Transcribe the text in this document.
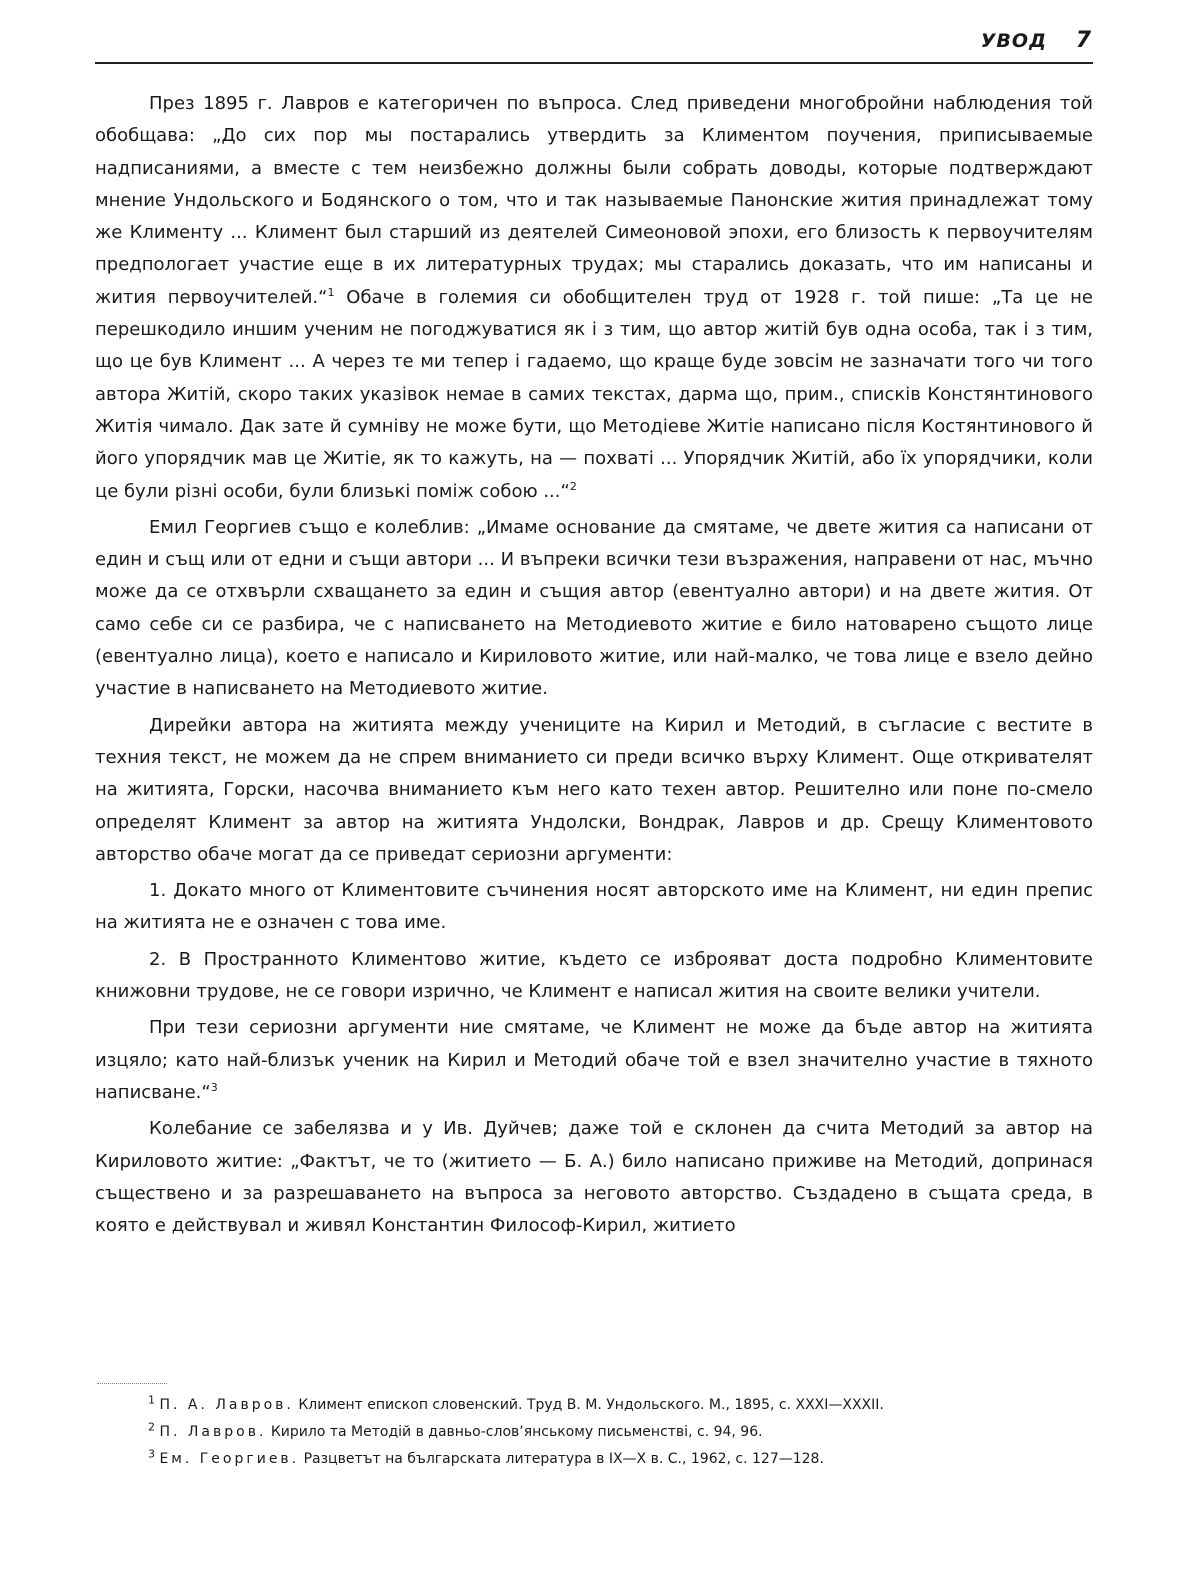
УВОД 7

През 1895 г. Лавров е категоричен по въпроса. След приведени многобройни наблюдения той обобщава: „До сих пор мы постарались утвердить за Климентом поучения, приписываемые надписаниями, а вместе с тем неизбежно должны были собрать доводы, которые подтверждают мнение Ундольского и Бодянского о том, что и так называемые Панонские жития принадлежат тому же Клименту ... Климент был старший из деятелей Симеоновой эпохи, его близость к первоучителям предпологает участие еще в их литературных трудах; мы старались доказать, что им написаны и жития первоучителей.“$^1$ Обаче в големия си обобщителен труд от 1928 г. той пише: „Та це не перешкодило иншим ученим не погоджуватися як і з тим, що автор житій був одна особа, так і з тим, що це був Климент ... А через те ми тепер і гадаемо, що краще буде зовсім не зазначати того чи того автора Житій, скоро таких указівок немае в самих текстах, дарма що, прим., списків Констянтинового Житія чимало. Дак зате й сумніву не може бути, що Методіеве Житіе написано після Костянтинового й його упорядчик мав це Житіе, як то кажуть, на — похваті ... Упорядчик Житій, або їх упорядчики, коли це були різні особи, були близькі поміж собою ...“$^2$

Емил Георгиев също е колеблив: „Имаме основание да смятаме, че двете жития са написани от един и същ или от едни и същи автори ... И въпреки всички тези възражения, направени от нас, мъчно може да се отхвърли схващането за един и същия автор (евентуално автори) и на двете жития. От само себе си се разбира, че с написването на Методиевото житие е било натоварено същото лице (евентуално лица), което е написало и Кириловото житие, или най-малко, че това лице е взело дейно участие в написването на Методиевото житие.

Дирейки автора на житията между учениците на Кирил и Методий, в съгласие с вестите в техния текст, не можем да не спрем вниманието си преди всичко върху Климент. Още откривателят на житията, Горски, насочва вниманието към него като техен автор. Решително или поне по-смело определят Климент за автор на житията Ундолски, Вондрак, Лавров и др. Срещу Климентовото авторство обаче могат да се приведат сериозни аргументи:

1. Докато много от Климентовите съчинения носят авторското име на Климент, ни един препис на житията не е означен с това име.

2. В Пространното Климентово житие, където се изброяват доста подробно Климентовите книжовни трудове, не се говори изрично, че Климент е написал жития на своите велики учители.

При тези сериозни аргументи ние смятаме, че Климент не може да бъде автор на житията изцяло; като най-близък ученик на Кирил и Методий обаче той е взел значително участие в тяхното написване.“$^3$

Колебание се забелязва и у Ив. Дуйчев; даже той е склонен да счита Методий за автор на Кириловото житие: „Фактът, че то (житието — Б. А.) било написано приживе на Методий, допринася съществено и за разрешаването на въпроса за неговото авторство. Създадено в същата среда, в която е действувал и живял Константин Философ-Кирил, житието

$^1$ П. А. Лавров. Климент епископ словенский. Труд В. М. Ундольского. М., 1895, с. XXXI—XXXII.

$^2$ П. Лавров. Кирило та Методій в давньо-словʼянському письменстві, с. 94, 96.

$^3$ Ем. Георгиев. Разцветът на българската литература в IX—X в. С., 1962, с. 127—128.
